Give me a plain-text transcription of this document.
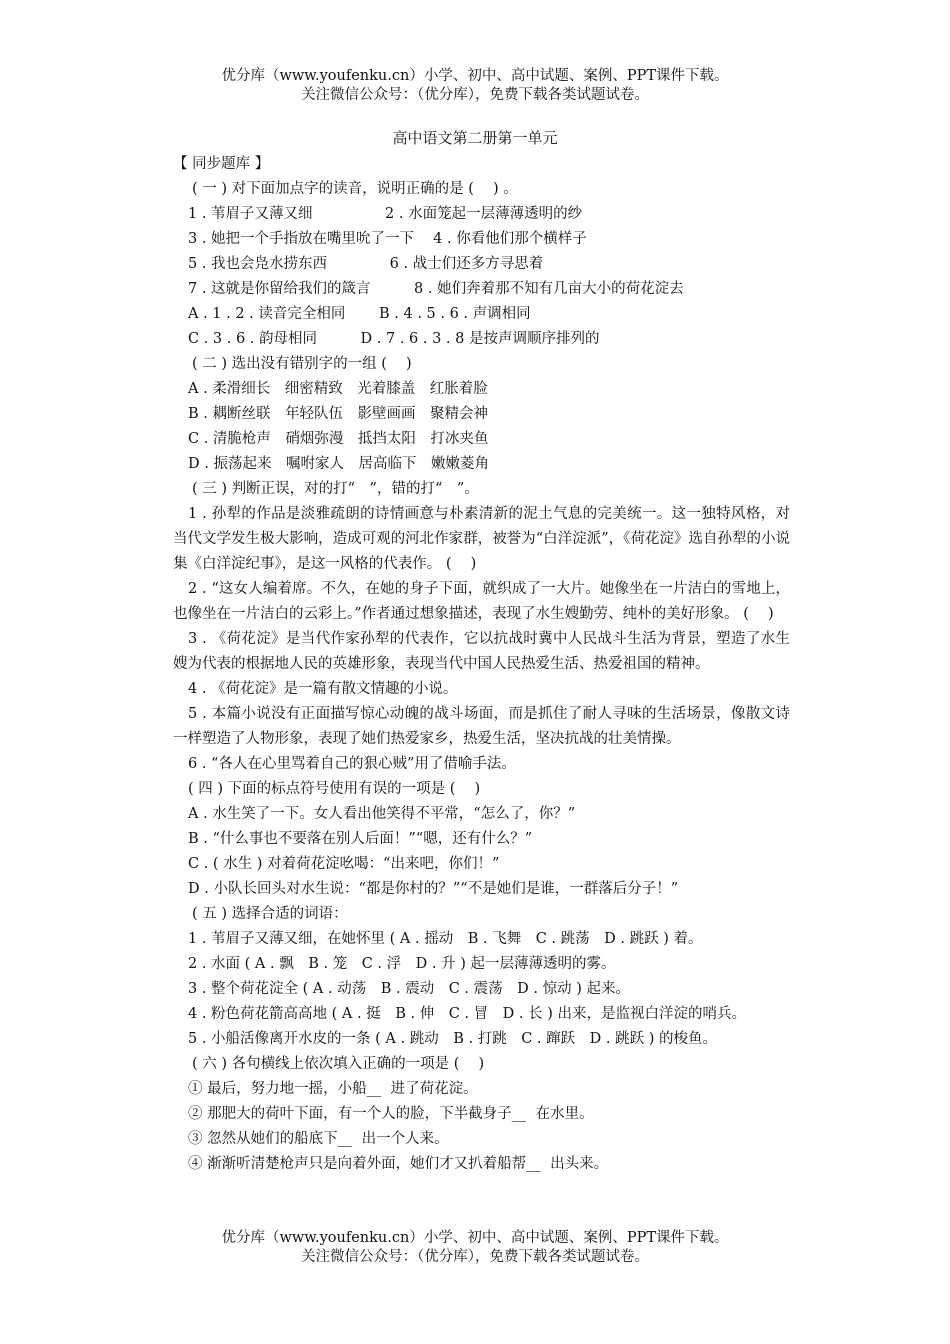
优分库（www.youfenku.cn）小学、初中、高中试题、案例、PPT课件下载。
关注微信公众号：（优分库），免费下载各类试题试卷。
高中语文第二册第一单元
【 同步题库 】
( 一 ) 对下面加点字的读音，说明正确的是 (　 ) 。
1 . 苇眉子又薄又细　　　　　2 . 水面笼起一层薄薄透明的纱
3 . 她把一个手指放在嘴里吮了一下　 4 . 你看他们那个横样子
5 . 我也会凫水捞东西　　　　 6 . 战士们还多方寻思着
7 . 这就是你留给我们的箴言　　　8 . 她们奔着那不知有几亩大小的荷花淀去
A . 1 . 2 . 读音完全相同　　 B . 4 . 5 . 6 . 声调相同
C . 3 . 6 . 韵母相同　　　D . 7 . 6 . 3 . 8 是按声调顺序排列的
( 二 ) 选出没有错别字的一组 (　 )
A . 柔滑细长　细密精致　光着膝盖　红胀着脸
B . 耦断丝联　年轻队伍　影壁画画　聚精会神
C . 清脆枪声　硝烟弥漫　抵挡太阳　打冰夹鱼
D . 振荡起来　嘱咐家人　居高临下　嫩嫩菱角
( 三 ) 判断正误，对的打“　”，错的打“　”。
1 . 孙犁的作品是淡雅疏朗的诗情画意与朴素清新的泥土气息的完美统一。这一独特风格，对当代文学发生极大影响，造成可观的河北作家群，被誉为“白洋淀派”，《荷花淀》选自孙犁的小说集《白洋淀纪事》，是这一风格的代表作。 (　 )
2 . “这女人编着席。不久，在她的身子下面，就织成了一大片。她像坐在一片洁白的雪地上，也像坐在一片洁白的云彩上。”作者通过想象描述，表现了水生嫂勤劳、纯朴的美好形象。 (　 )
3 . 《荷花淀》是当代作家孙犁的代表作，它以抗战时冀中人民战斗生活为背景，塑造了水生嫂为代表的根据地人民的英雄形象，表现当代中国人民热爱生活、热爱祖国的精神。
4 . 《荷花淀》是一篇有散文情趣的小说。
5 . 本篇小说没有正面描写惊心动魄的战斗场面，而是抓住了耐人寻味的生活场景，像散文诗一样塑造了人物形象，表现了她们热爱家乡，热爱生活，坚决抗战的壮美情操。
6 . “各人在心里骂着自己的狠心贼”用了借喻手法。
( 四 ) 下面的标点符号使用有误的一项是 (　 )
A . 水生笑了一下。女人看出他笑得不平常，“怎么了，你？”
B . “什么事也不要落在别人后面！”“嗯，还有什么？”
C . ( 水生 ) 对着荷花淀吆喝：“出来吧，你们！”
D . 小队长回头对水生说：“都是你村的？”“不是她们是谁，一群落后分子！”
( 五 ) 选择合适的词语：
1 . 苇眉子又薄又细，在她怀里 ( A . 摇动　B . 飞舞　C . 跳荡　D . 跳跃 ) 着。
2 . 水面 ( A . 飘　B . 笼　C . 浮　D . 升 ) 起一层薄薄透明的雾。
3 . 整个荷花淀全 ( A . 动荡　B . 震动　C . 震荡　D . 惊动 ) 起来。
4 . 粉色荷花箭高高地 ( A . 挺　B . 伸　C . 冒　D . 长 ) 出来，是监视白洋淀的哨兵。
5 . 小船活像离开水皮的一条 ( A . 跳动　B . 打跳　C . 蹿跃　D . 跳跃 ) 的梭鱼。
( 六 ) 各句横线上依次填入正确的一项是 (　 )
① 最后，努力地一摇，小船__ 进了荷花淀。
② 那肥大的荷叶下面，有一个人的脸，下半截身子__ 在水里。
③ 忽然从她们的船底下__ 出一个人来。
④ 渐渐听清楚枪声只是向着外面，她们才又扒着船帮__ 出头来。
优分库（www.youfenku.cn）小学、初中、高中试题、案例、PPT课件下载。
关注微信公众号：（优分库），免费下载各类试题试卷。
